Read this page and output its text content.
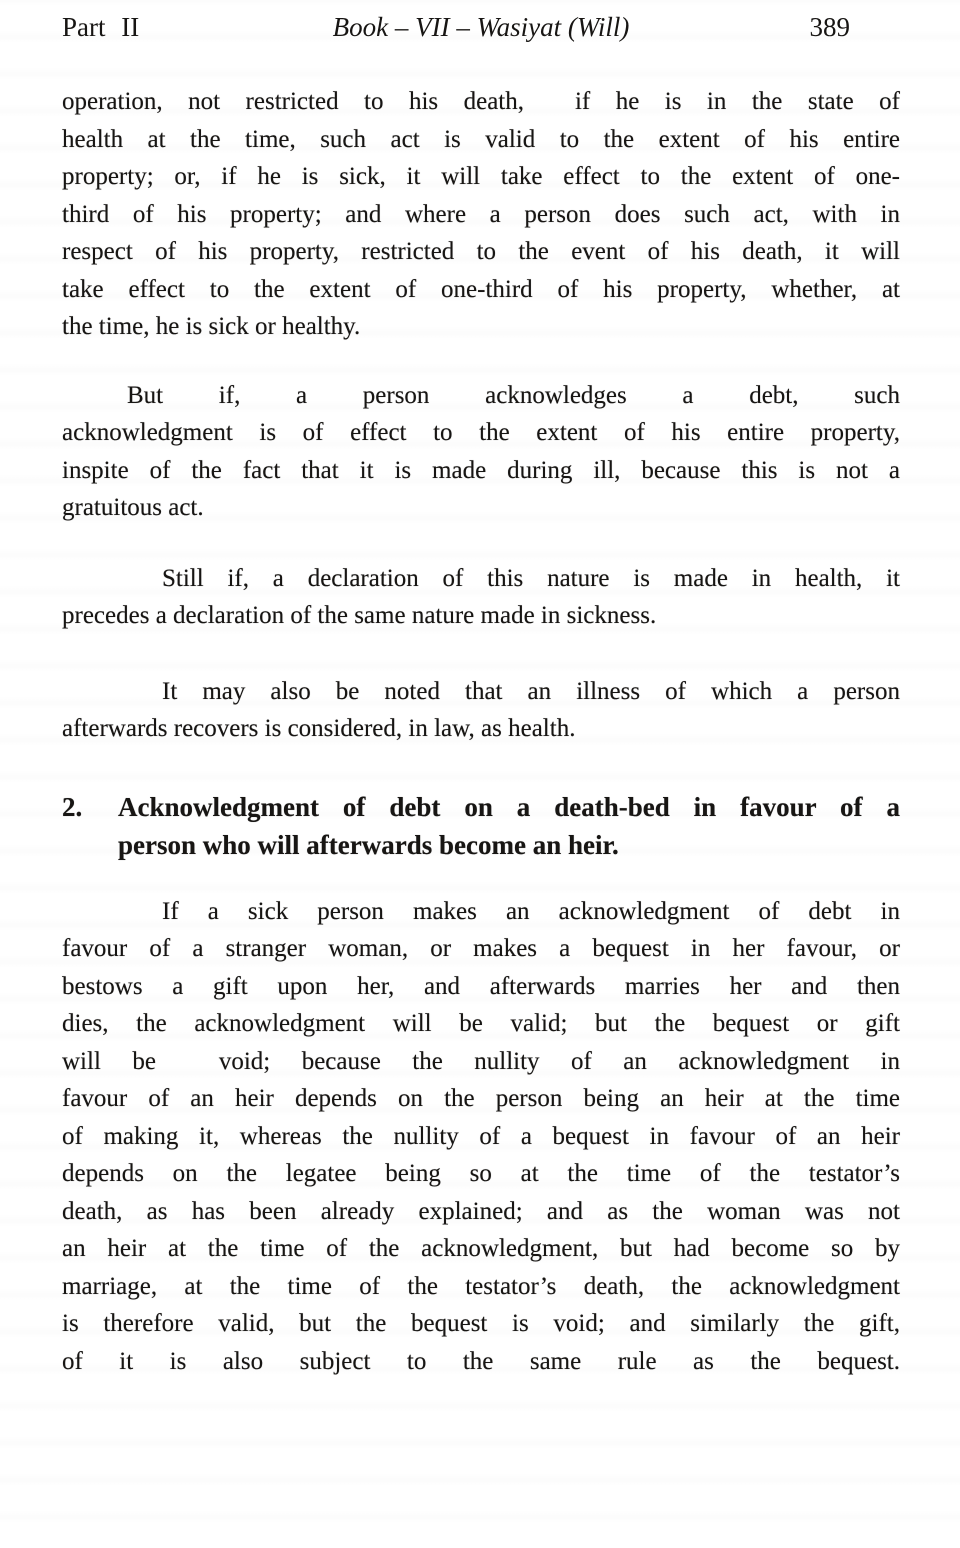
Part II	Book – VII – Wasiyat (Will)	389
operation, not restricted to his death,  if he is in the state of
health at the time, such act is valid to the extent of his entire
property; or, if he is sick, it will take effect to the extent of one-
third of his property; and where a person does such act, with in
respect of his property, restricted to the event of his death, it will
take effect to the extent of one-third of his property, whether, at
the time, he is sick or healthy.
But if, a person acknowledges a debt, such
acknowledgment is of effect to the extent of his entire property,
inspite of the fact that it is made during ill, because this is not a
gratuitous act.
Still if, a declaration of this nature is made in health, it
precedes a declaration of the same nature made in sickness.
It may also be noted that an illness of which a person
afterwards recovers is considered, in law, as health.
2.	Acknowledgment of debt on a death-bed in favour of a
person who will afterwards become an heir.
If a sick person makes an acknowledgment of debt in
favour of a stranger woman, or makes a bequest in her favour, or
bestows a gift upon her, and afterwards marries her and then
dies, the acknowledgment will be valid; but the bequest or gift
will be  void; because the nullity of an acknowledgment in
favour of an heir depends on the person being an heir at the time
of making it, whereas the nullity of a bequest in favour of an heir
depends on the legatee being so at the time of the testator’s
death, as has been already explained; and as the woman was not
an heir at the time of the acknowledgment, but had become so by
marriage, at the time of the testator’s death, the acknowledgment
is therefore valid, but the bequest is void; and similarly the gift,
of it is also subject to the same rule as the bequest.
